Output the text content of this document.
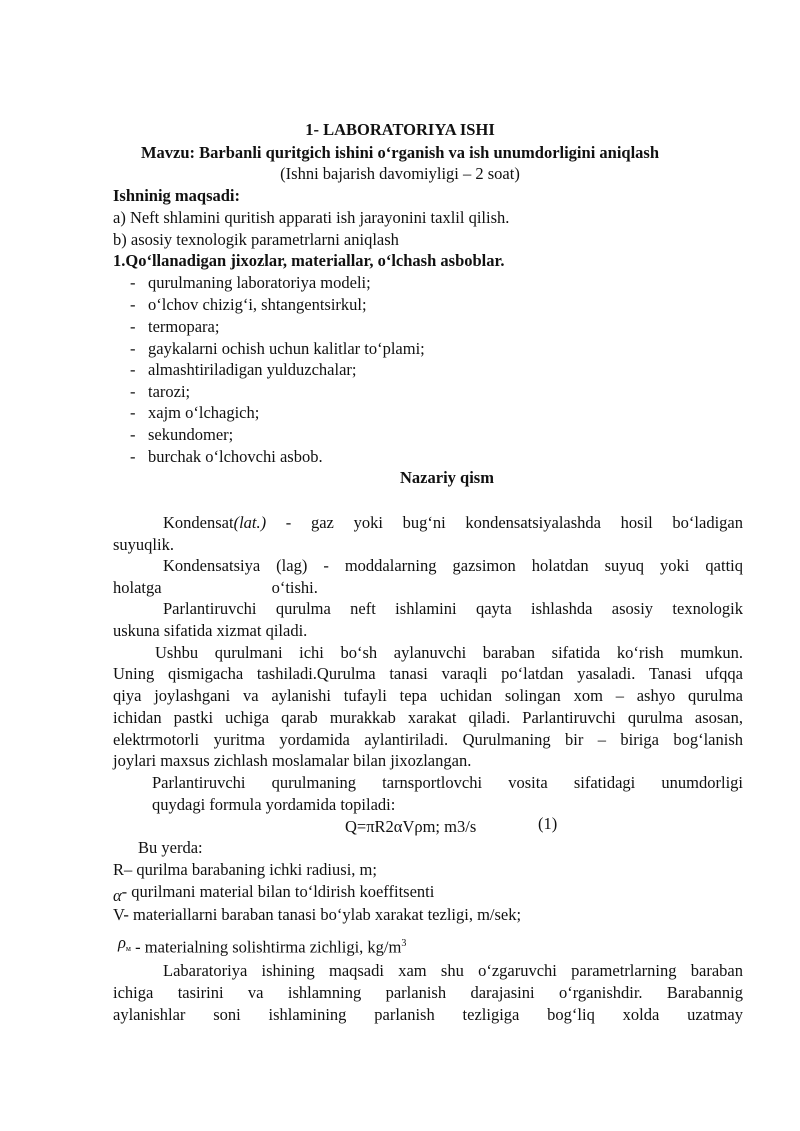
1- LABORATORIYA ISHI
Mavzu: Barbanli quritgich ishini o‘rganish va ish unumdorligini aniqlash
(Ishni bajarish davomiyligi – 2 soat)
Ishninig maqsadi:
a) Neft shlamini quritish apparati ish jarayonini taxlil qilish.
b) asosiy texnologik parametrlarni aniqlash
1.Qo‘llanadigan jixozlar, materiallar, o‘lchash asboblar.
- qurulmaning laboratoriya modeli;
- o‘lchov chizig‘i, shtangentsirkul;
- termopara;
- gaykalarni ochish uchun kalitlar to‘plami;
- almashtiriladigan yulduzchalar;
- tarozi;
- xajm o‘lchagich;
- sekundomer;
- burchak o‘lchovchi asbob.
Nazariy qism
Kondensat(lat.) - gaz yoki bug‘ni kondensatsiyalashda hosil bo‘ladigan
suyuqlik.
Kondensatsiya (lag) - moddalarning gazsimon holatdan suyuq yoki qattiq
holatga	o‘tishi.
Parlantiruvchi qurulma neft ishlamini qayta ishlashda asosiy texnologik
uskuna sifatida xizmat qiladi.
Ushbu qurulmani ichi bo‘sh aylanuvchi baraban sifatida ko‘rish mumkun.
Uning qismigacha tashiladi.Qurulma tanasi varaqli po‘latdan yasaladi. Tanasi ufqqa
qiya joylashgani va aylanishi tufayli tepa uchidan solingan xom – ashyo qurulma
ichidan pastki uchiga qarab murakkab xarakat qiladi. Parlantiruvchi qurulma asosan,
elektrmotorli yuritma yordamida aylantiriladi. Qurulmaning bir – biriga bog‘lanish
joylari maxsus zichlash moslamalar bilan jixozlangan.
Parlantiruvchi qurulmaning tarnsportlovchi vosita sifatidagi unumdorligi
quydagi formula yordamida topiladi:
Q=πR2αVρm; m3/s	(1)
Bu yerda:
R– qurilma barabaning ichki radiusi, m;
α- qurilmani material bilan to‘ldirish koeffitsenti
V- materiallarni baraban tanasi bo‘ylab xarakat tezligi, m/sek;
ρм - materialning solishtirma zichligi, $kg/m^3$
Labaratoriya ishining maqsadi xam shu o‘zgaruvchi parametrlarning baraban
ichiga tasirini va ishlamning parlanish darajasini o‘rganishdir. Barabannig
aylanishlar soni ishlamining parlanish tezligiga bog‘liq xolda uzatmay
